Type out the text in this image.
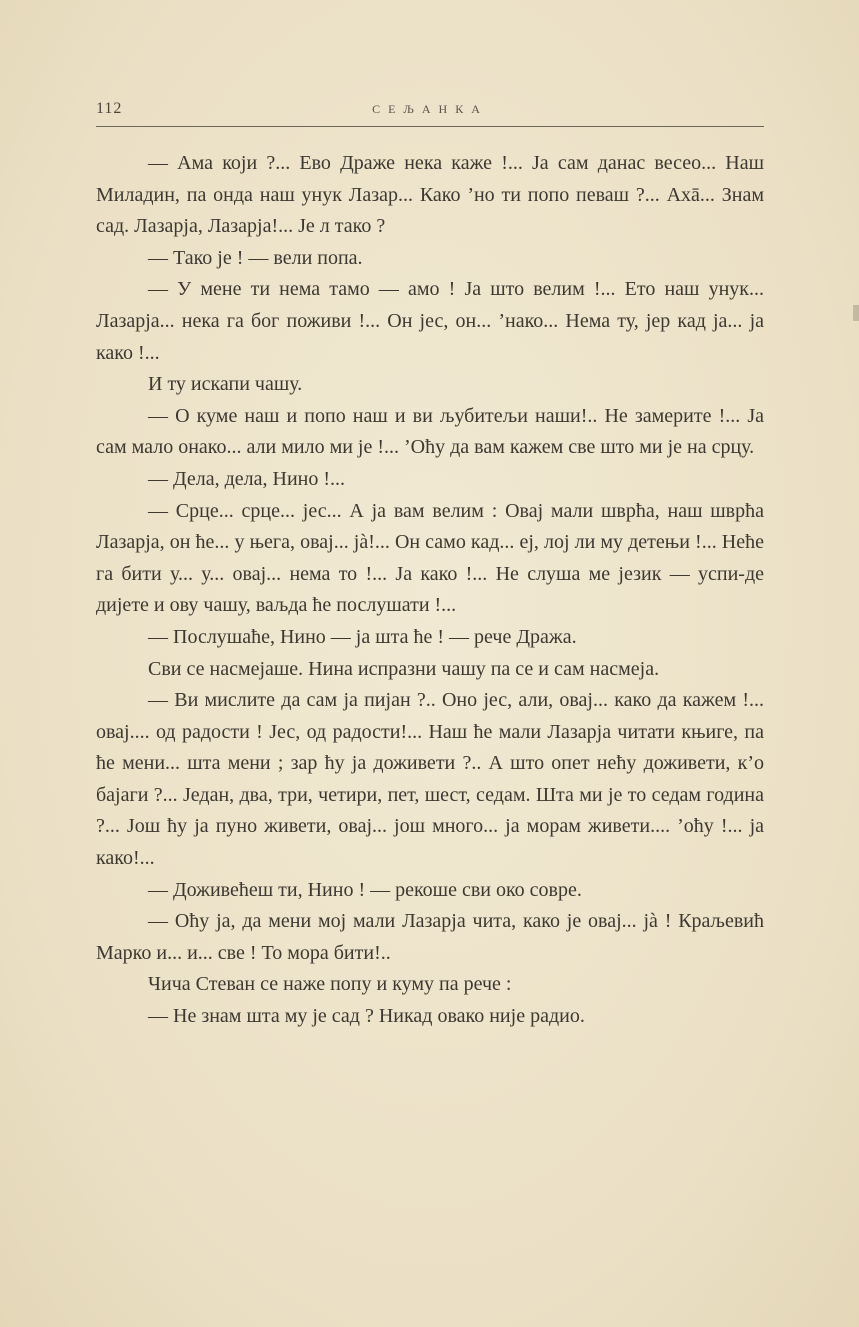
112	СЕЉАНКА

— Ама који ?... Ево Драже нека каже !... Ја сам данас весео... Наш Миладин, па онда наш унук Лазар... Како ’но ти попо певаш ?... Ахā... Знам сад. Лазарја, Лазарја!... Је л тако ?

— Тако је ! — вели попа.

— У мене ти нема тамо — амо ! Ја што велим !... Ето наш унук... Лазарја... нека га бог поживи !... Он јес, он... ’нако... Нема ту, јер кад ја... ја како !...

И ту искапи чашу.

— О куме наш и попо наш и ви љубитељи наши!.. Не замерите !... Ја сам мало онако... али мило ми је !... ’Оћу да вам кажем све што ми је на срцу.

— Дела, дела, Нино !...

— Срце... срце... јес... А ја вам велим : Овај мали шврћа, наш шврћа Лазарја, он ће... у њега, овај... jà!... Он само кад... еј, лој ли му детењи !... Неће га бити у... у... овај... нема то !... Ја како !... Не слуша ме језик — успи-де дијете и ову чашу, ваљда ће послушати !...

— Послушаће, Нино — ја шта ће ! — рече Дража.

Сви се насмејаше. Нина испразни чашу па се и сам насмеја.

— Ви мислите да сам ја пијан ?.. Оно јес, али, овај... како да кажем !... овај.... од радости ! Јес, од радости!... Наш ће мали Лазарја читати књиге, па ће мени... шта мени ; зар ћу ја доживети ?.. А што опет нећу доживети, к’о бајаги ?... Један, два, три, четири, пет, шест, седам. Шта ми је то седам година ?... Још ћу ја пуно живети, овај... још много... ја морам живети.... ’оћу !... ја како!...

— Доживећеш ти, Нино ! — рекоше сви око совре.

— Оћу ја, да мени мој мали Лазарја чита, како је овај... jà ! Краљевић Марко и... и... све ! То мора бити!..

Чича Стеван се наже попу и куму па рече :

— Не знам шта му је сад ? Никад овако није радио.
